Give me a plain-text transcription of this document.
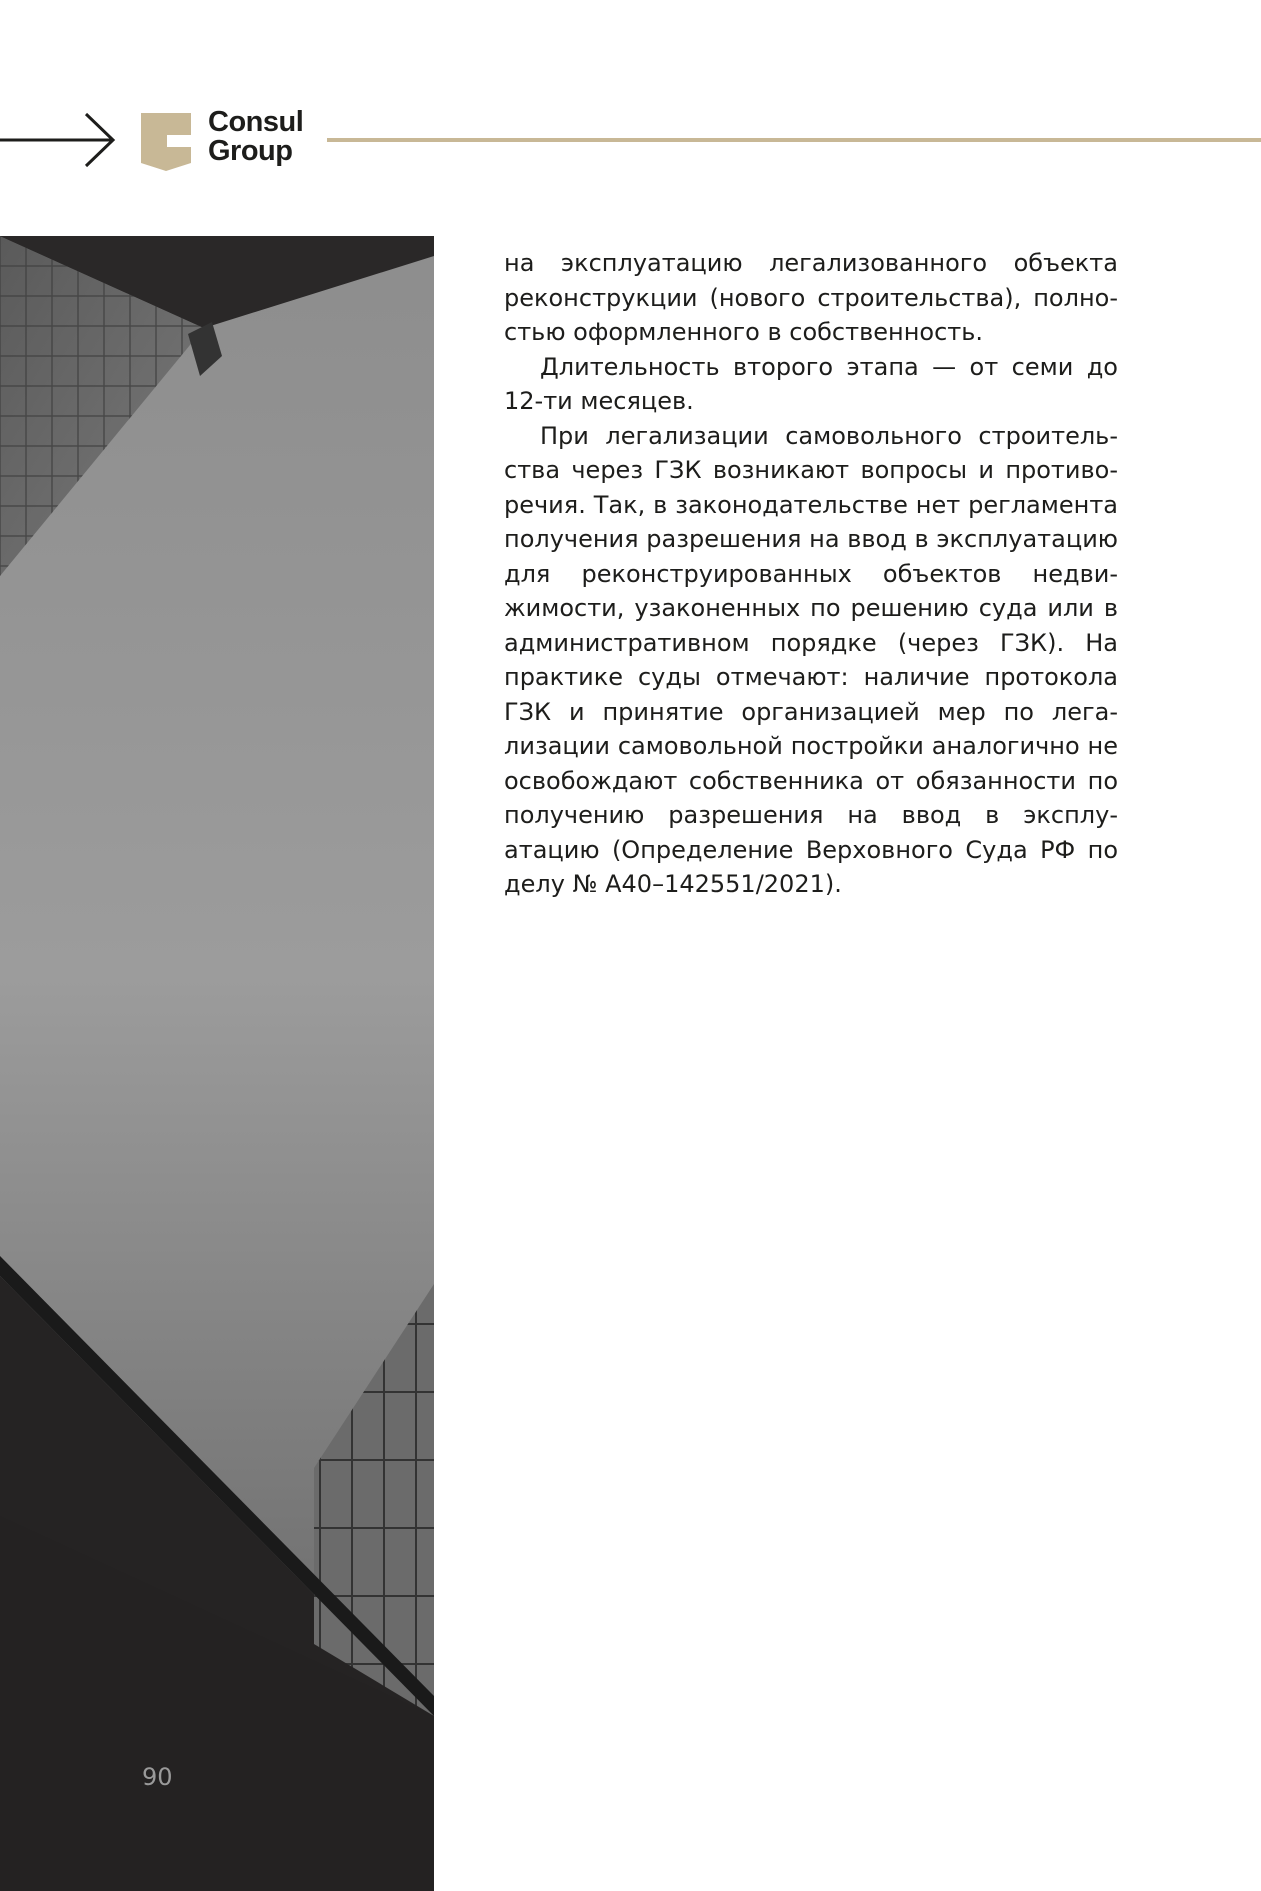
Consul
Group
90

на эксплуатацию легализованного объекта реконструкции (нового строительства), полностью оформленного в собственность.

Длительность второго этапа — от семи до 12-ти месяцев.

При легализации самовольного строительства через ГЗК возникают вопросы и противоречия. Так, в законодательстве нет регламента получения разрешения на ввод в эксплуатацию для реконструированных объектов недвижимости, узаконенных по решению суда или в административном порядке (через ГЗК). На практике суды отмечают: наличие протокола ГЗК и принятие организацией мер по легализации самовольной постройки аналогично не освобождают собственника от обязанности по получению разрешения на ввод в эксплуатацию (Определение Верховного Суда РФ по делу № А40–142551/2021).
